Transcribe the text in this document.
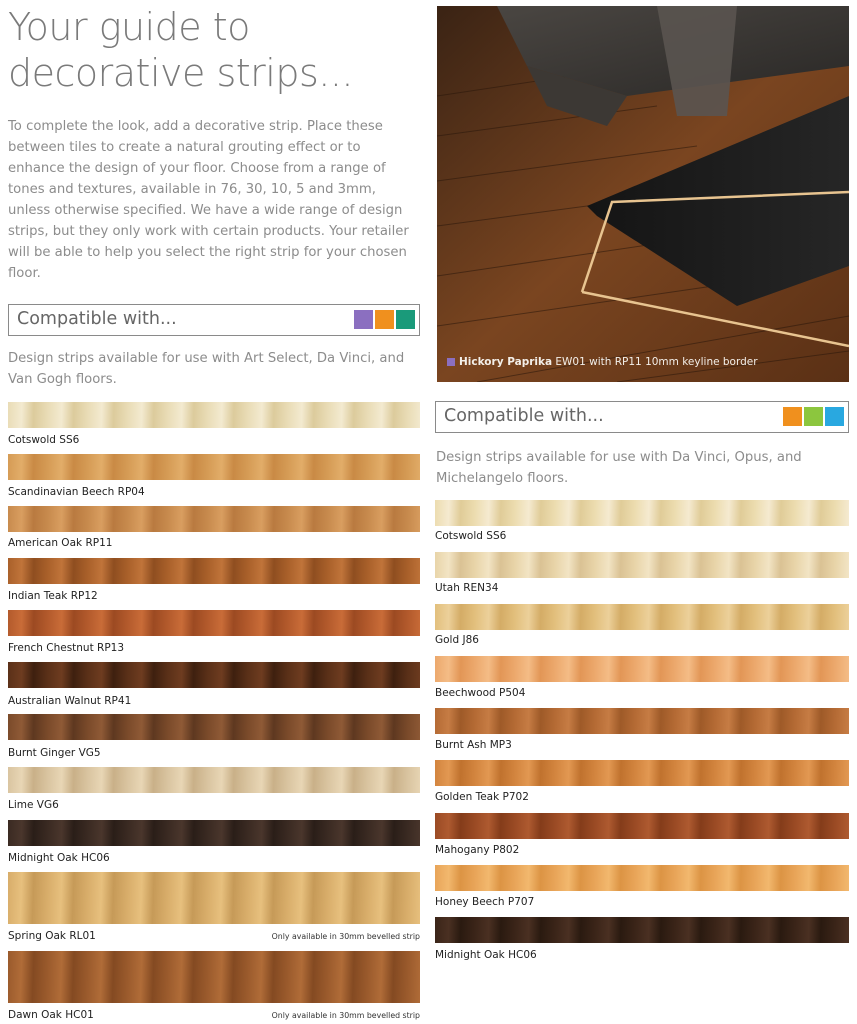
Your guide to
decorative strips...

To complete the look, add a decorative strip. Place these between tiles to create a natural grouting effect or to enhance the design of your floor. Choose from a range of tones and textures, available in 76, 30, 10, 5 and 3mm, unless otherwise specified. We have a wide range of design strips, but they only work with certain products. Your retailer will be able to help you select the right strip for your chosen floor.

Hickory Paprika EW01 with RP11 10mm keyline border
Compatible with...

Design strips available for use with Art Select, Da Vinci, and Van Gogh floors.

Compatible with...

Design strips available for use with Da Vinci, Opus, and Michelangelo floors.

Cotswold SS6
Scandinavian Beech RP04
American Oak RP11
Indian Teak RP12
French Chestnut RP13
Australian Walnut RP41
Burnt Ginger VG5
Lime VG6
Midnight Oak HC06
Spring Oak RL01	Only available in 30mm bevelled strip
Dawn Oak HC01	Only available in 30mm bevelled strip
Cotswold SS6
Utah REN34
Gold J86
Beechwood P504
Burnt Ash MP3
Golden Teak P702
Mahogany P802
Honey Beech P707
Midnight Oak HC06
